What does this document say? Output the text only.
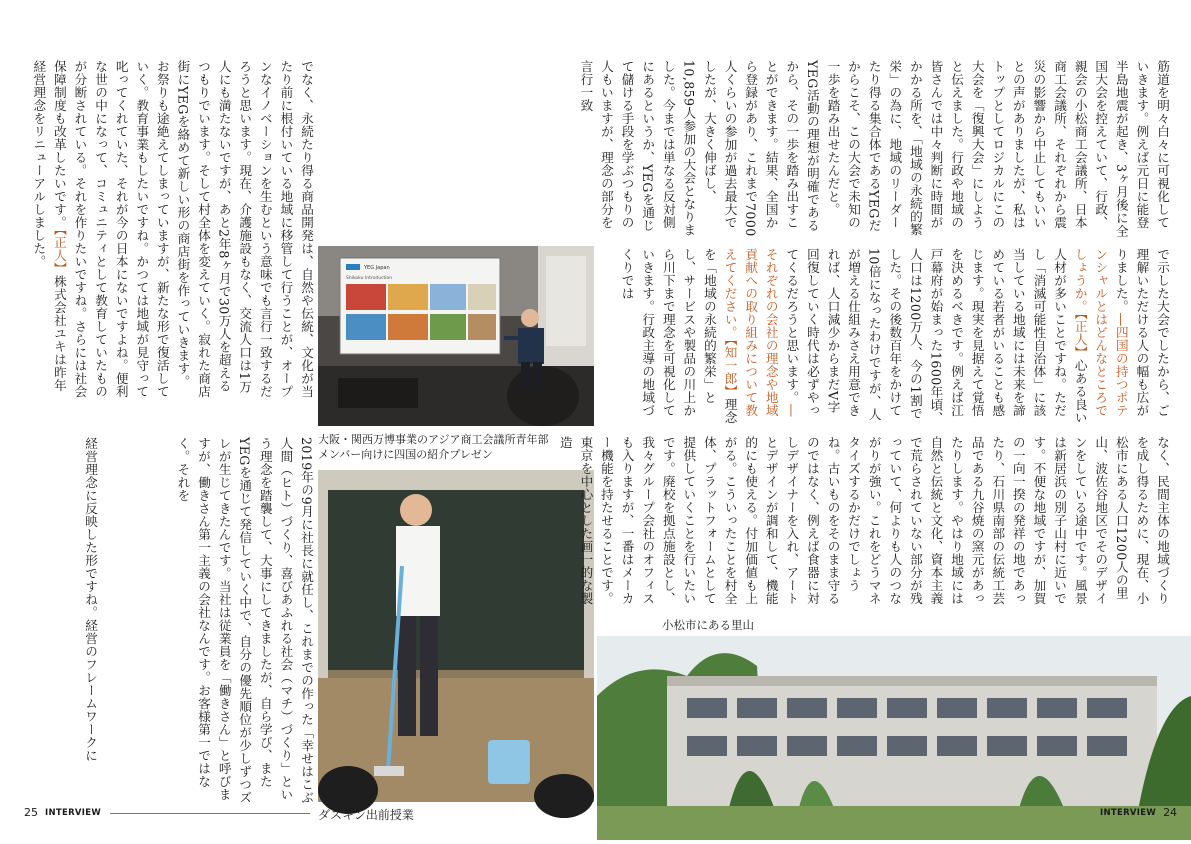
でなく、永続たり得る商品開発は、自然や伝統、文化が当たり前に根付いている地域に移管して行うことが、オープンなイノベーションを生むという意味でも言行一致するだろうと思います。現在、介護施設もなく、交流人口は1万人にも満たないですが、あと2年8ヶ月で30万人を超えるつもりでいます。そして村全体を変えていく。寂れた商店街にYEGを絡めて新しい形の商店街を作っていきます。お祭りも途絶えてしまっていますが、新たな形で復活していく。教育事業もしたいですね。かつては地域が見守って叱ってくれていた、それが今の日本にないですよね。便利な世の中になって、コミュニティとして教育していたものが分断されている。それを作りたいですね。さらには社会保障制度も改革したいです。【正人】株式会社ユキは昨年経営理念をリニューアルしました。

経営理念に反映した形ですね。経営のフレームワークに	2019年の9月に社長に就任し、これまでの作った「幸せはこぶ人間（ヒト）づくり、喜びあふれる社会（マチ）づくり」という理念を踏襲して、大事にしてきましたが、自ら学び、またYEGを通じて発信していく中で、自分の優先順位が少しずつズレが生じてきたんです。当社は従業員を「働きさん」と呼びますが、働きさん第一主義の会社なんです。お客様第一ではなく。それを

YEG Japan
Shikoku Introduction

大阪・関西万博事業のアジア商工会議所青年部
メンバー向けに四国の紹介プレゼン

ダスキン出前授業

25 INTERVIEW

筋道を明々白々に可視化していきます。例えば元日に能登半島地震が起き、3ヶ月後に全国大会を控えていて、行政、親会の小松商工会議所、日本商工会議所、それぞれから震災の影響から中止してもいいとの声がありましたが、私はトップとしてロジカルにこの大会を「復興大会」にしようと伝えました。行政や地域の皆さんでは中々判断に時間がかかる所を、「地域の永続的繁栄」の為に、地域のリーダーたり得る集合体であるYEGだからこそ、この大会で未知の一歩を踏み出せたんだと。YEG活動の理想が明確であるから、その一歩を踏み出すことができます。結果、全国から登録があり、これまで7000人くらいの参加が過去最大でしたが、大きく伸ばし、10,859人参加の大会となりました。今までは単なる反対側にあるというか、YEGを通じて儲ける手段を学ぶつもりの人もいますが、理念の部分を言行一致

で示した大会でしたから、ご理解いただける人の幅も広がりました。―四国の持つポテンシャルとはどんなところでしょうか。【正人】心ある良い人材が多いことですね。ただし「消滅可能性自治体」に該当している地域には未来を諦めている若者がいることも感じます。現実を見据えて覚悟を決めるべきです。例えば江戸幕府が始まった1600年頃、人口は1200万人、今の1割でした。その後数百年をかけて10倍になったわけですが、人が増える仕組みさえ用意できれば、人口減少からまだV字回復していく時代は必ずやってくるだろうと思います。―それぞれの会社の理念や地域貢献への取り組みについて教えてください。【知一郎】理念を「地域の永続的繁栄」とし、サービスや製品の川上から川下まで理念を可視化していきます。行政主導の地域づくりでは

なく、民間主体の地域づくりを成し得るために、現在、小松市にある人口1200人の里山、波佐谷地区でそのデザインをしている途中です。風景は新居浜の別子山村に近いです。不便な地域ですが、加賀の一向一揆の発祥の地であったり、石川県南部の伝統工芸品である九谷焼の窯元があったりします。やはり地域には自然と伝統と文化、資本主義で荒らされていない部分が残っていて、何よりも人のつながりが強い。これをどうマネタイズするかだけでしょうね。古いものをそのまま守るのではなく、例えば食器に対しデザイナーを入れ、アートとデザインが調和して、機能的にも使える。付加価値も上がる。こういったことを村全体、プラットフォームとして提供していくことを行いたいです。廃校を拠点施設とし、我々グループ会社のオフィスも入りますが、一番はメーカー機能を持たせることです。東京を中心とした画一的な製造

小松市にある里山

INTERVIEW 24
